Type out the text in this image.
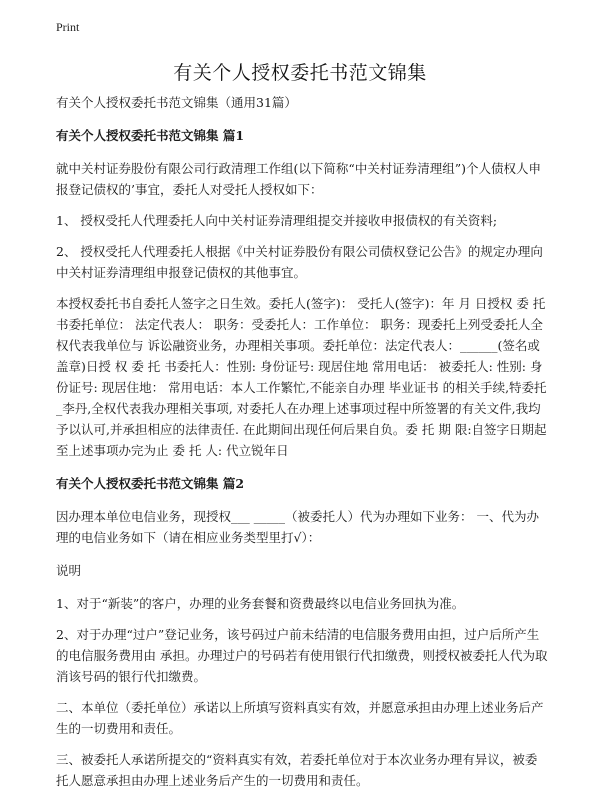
Print
有关个人授权委托书范文锦集

有关个人授权委托书范文锦集（通用31篇）

有关个人授权委托书范文锦集 篇1

就中关村证券股份有限公司行政清理工作组(以下简称“中关村证券清理组”)个人债权人申报登记债权的’事宜，委托人对受托人授权如下：

1、 授权受托人代理委托人向中关村证券清理组提交并接收申报债权的有关资料;

2、 授权受托人代理委托人根据《中关村证券股份有限公司债权登记公告》的规定办理向中关村证券清理组申报登记债权的其他事宜。

本授权委托书自委托人签字之日生效。委托人(签字)： 受托人(签字)：年 月 日授权 委 托 书委托单位： 法定代表人： 职务：受委托人：工作单位： 职务：现委托上列受委托人全权代表我单位与 诉讼融资业务，办理相关事项。委托单位：法定代表人：______(签名或盖章)日授 权 委 托 书委托人：性别: 身份证号: 现居住地 常用电话： 被委托人: 性别: 身份证号: 现居住地： 常用电话：本人工作繁忙,不能亲自办理 毕业证书 的相关手续,特委托_李丹,全权代表我办理相关事项, 对委托人在办理上述事项过程中所签署的有关文件,我均予以认可,并承担相应的法律责任. 在此期间出现任何后果自负。委 托 期 限:自签字日期起至上述事项办完为止 委 托 人: 代立锐年日

有关个人授权委托书范文锦集 篇2

因办理本单位电信业务，现授权___ _____（被委托人）代为办理如下业务： 一、代为办理的电信业务如下（请在相应业务类型里打√）：

说明

1、对于“新装”的客户，办理的业务套餐和资费最终以电信业务回执为准。

2、对于办理“过户”登记业务，该号码过户前未结清的电信服务费用由担，过户后所产生的电信服务费用由 承担。办理过户的号码若有使用银行代扣缴费，则授权被委托人代为取消该号码的银行代扣缴费。

二、本单位（委托单位）承诺以上所填写资料真实有效，并愿意承担由办理上述业务后产生的一切费用和责任。

三、被委托人承诺所提交的“资料真实有效，若委托单位对于本次业务办理有异议，被委托人愿意承担由办理上述业务后产生的一切费用和责任。
